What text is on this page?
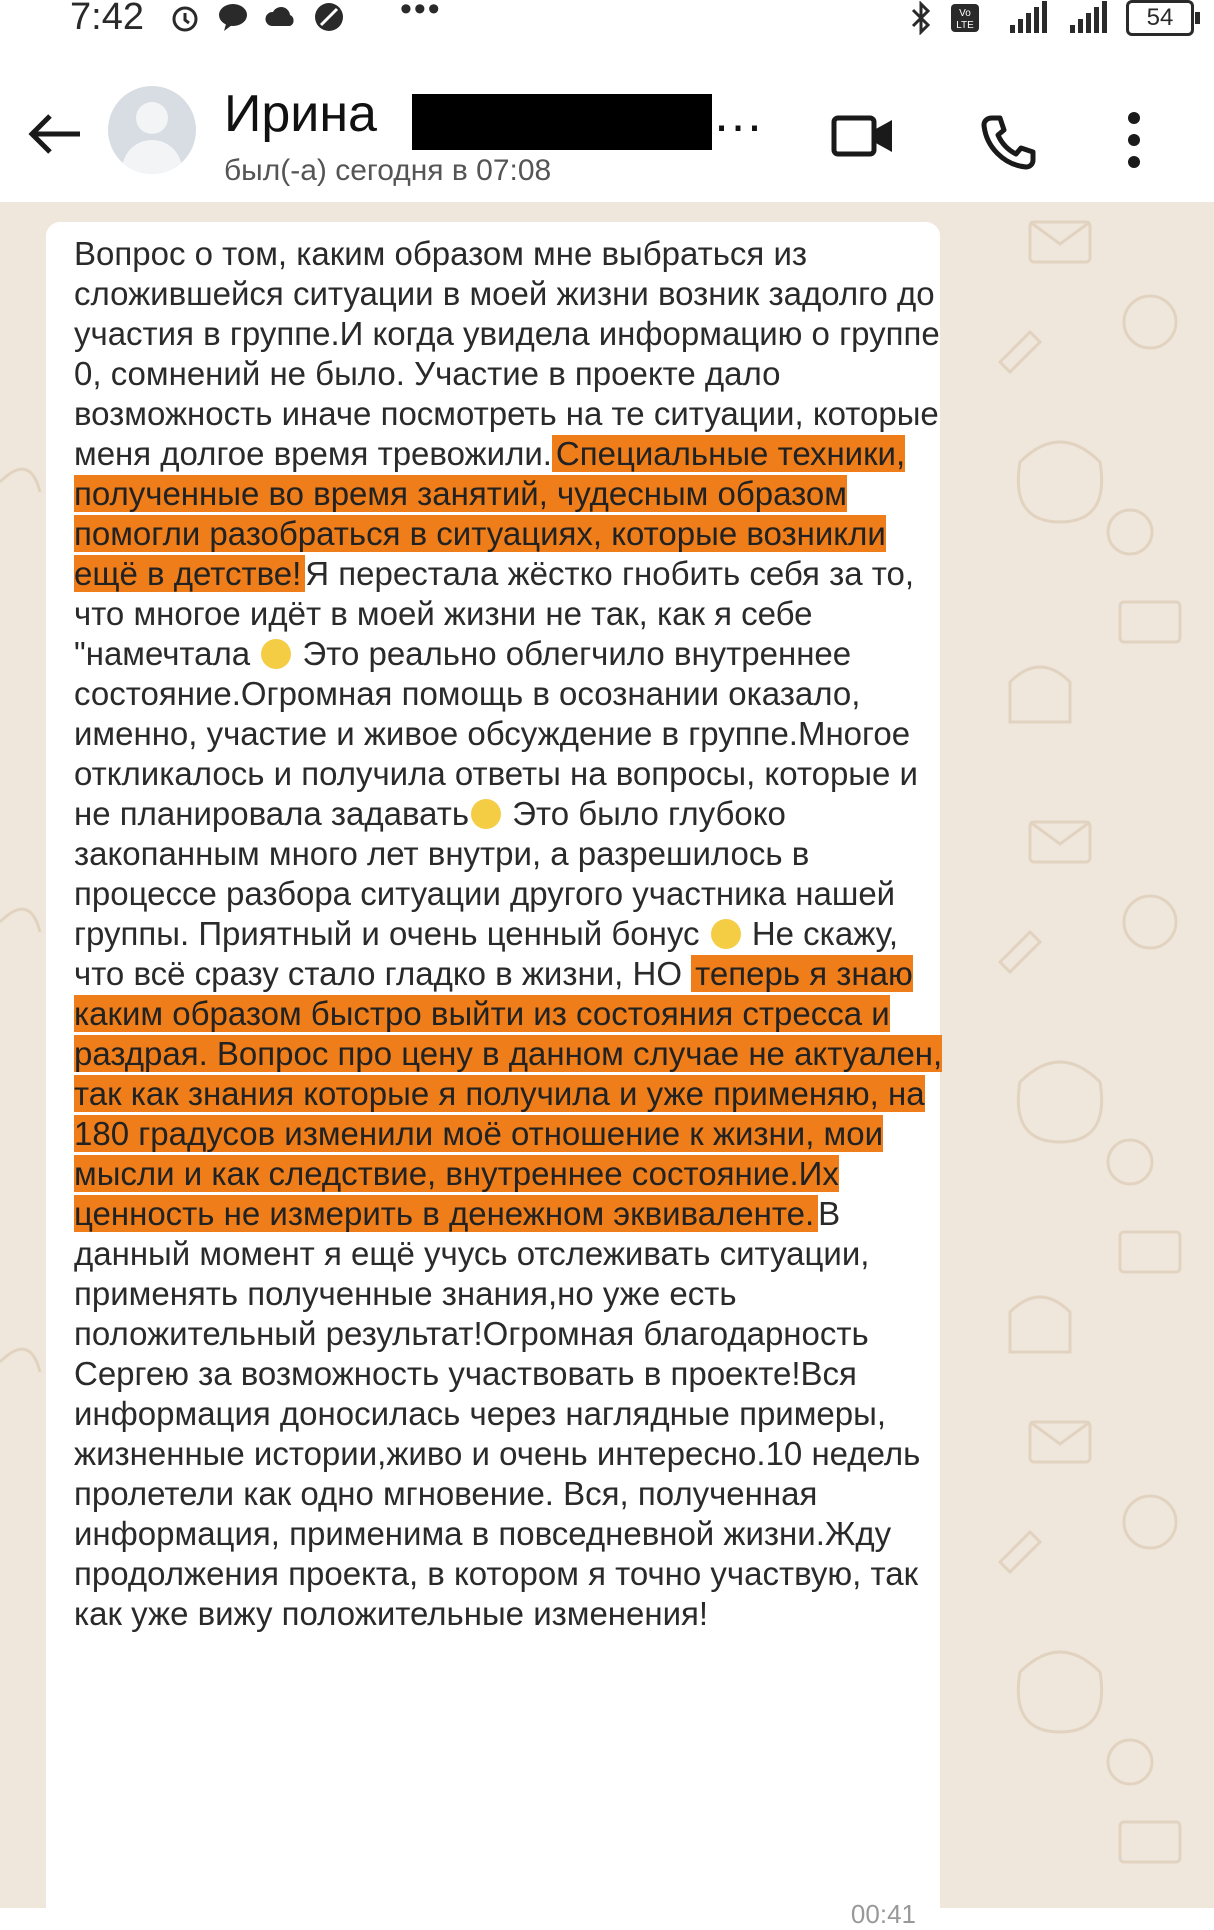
7:42	•••	Vo
LTE	54
Ирина	…
был(-а) сегодня в 07:08
Вопрос о том, каким образом мне выбраться из сложившейся ситуации в моей жизни возник задолго до участия в группе.И когда увидела информацию о группе 0, сомнений не было. Участие в проекте дало возможность иначе посмотреть на те ситуации, которые меня долгое время тревожили. Специальные техники, полученные во время занятий, чудесным образом помогли разобраться в ситуациях, которые возникли ещё в детстве! Я перестала жёстко гнобить себя за то, что многое идёт в моей жизни не так, как я себе "намечтала Это реально облегчило внутреннее состояние.Огромная помощь в осознании оказало, именно, участие и живое обсуждение в группе.Многое откликалось и получила ответы на вопросы, которые и не планировала задавать Это было глубоко закопанным много лет внутри, а разрешилось в процессе разбора ситуации другого участника нашей группы. Приятный и очень ценный бонус Не скажу, что всё сразу стало гладко в жизни, НО теперь я знаю каким образом быстро выйти из состояния стресса и раздрая. Вопрос про цену в данном случае не актуален, так как знания которые я получила и уже применяю, на 180 градусов изменили моё отношение к жизни, мои мысли и как следствие, внутреннее состояние.Их ценность не измерить в денежном эквиваленте. В данный момент я ещё учусь отслеживать ситуации, применять полученные знания,но уже есть положительный результат!Огромная благодарность Сергею за возможность участвовать в проекте!Вся информация доносилась через наглядные примеры, жизненные истории,живо и очень интересно.10 недель пролетели как одно мгновение. Вся, полученная информация, применима в повседневной жизни.Жду продолжения проекта, в котором я точно участвую, так как уже вижу положительные изменения!
00:41
